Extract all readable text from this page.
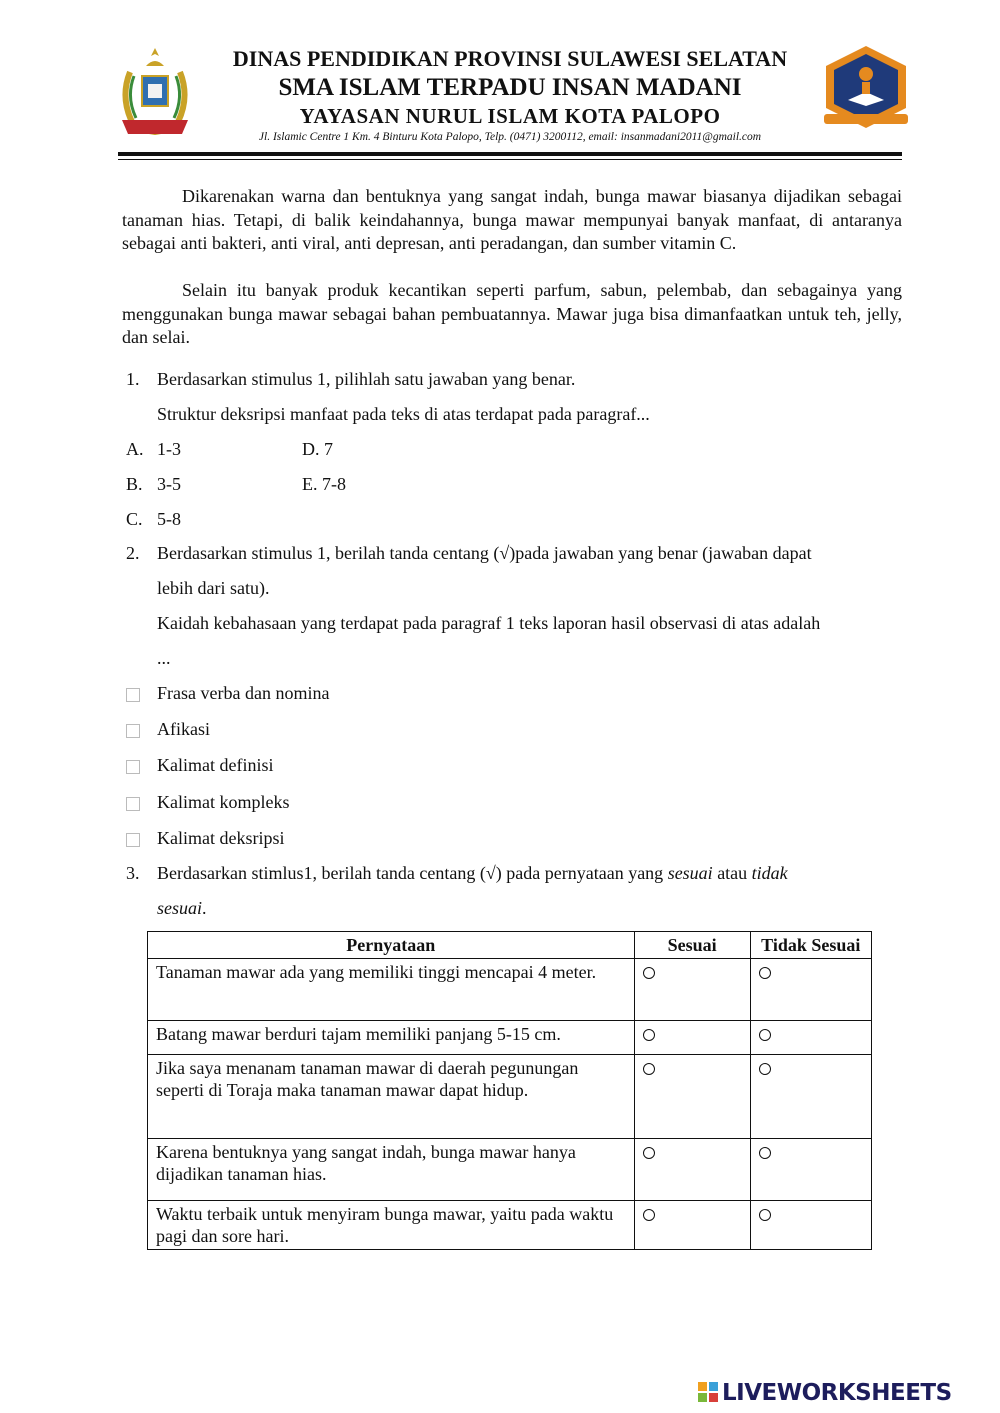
DINAS PENDIDIKAN PROVINSI SULAWESI SELATAN
SMA ISLAM TERPADU INSAN MADANI
YAYASAN NURUL ISLAM KOTA PALOPO
Jl. Islamic Centre 1 Km. 4 Binturu Kota Palopo, Telp. (0471) 3200112, email: insanmadani2011@gmail.com

Dikarenakan warna dan bentuknya yang sangat indah, bunga mawar biasanya dijadikan sebagai tanaman hias. Tetapi, di balik keindahannya, bunga mawar mempunyai banyak manfaat, di antaranya sebagai anti bakteri, anti viral, anti depresan, anti peradangan, dan sumber vitamin C.

Selain itu banyak produk kecantikan seperti parfum, sabun, pelembab, dan sebagainya yang menggunakan bunga mawar sebagai bahan pembuatannya. Mawar juga bisa dimanfaatkan untuk teh, jelly, dan selai.

1. Berdasarkan stimulus 1, pilihlah satu jawaban yang benar.
Struktur deksripsi manfaat pada teks di atas terdapat pada paragraf...
A. 1-3
B. 3-5
C. 5-8
D. 7
E. 7-8
2. Berdasarkan stimulus 1, berilah tanda centang (√)pada jawaban yang benar (jawaban dapat
lebih dari satu).
Kaidah kebahasaan yang terdapat pada paragraf 1 teks laporan hasil observasi di atas adalah
...
Frasa verba dan nomina
Afikasi
Kalimat definisi
Kalimat kompleks
Kalimat deksripsi
3. Berdasarkan stimlus1, berilah tanda centang (√) pada pernyataan yang sesuai atau tidak
sesuai.
Pernyataan	Sesuai	Tidak Sesuai
Tanaman mawar ada yang memiliki tinggi mencapai 4 meter.		
Batang mawar berduri tajam memiliki panjang 5-15 cm.		
Jika saya menanam tanaman mawar di daerah pegunungan seperti di Toraja maka tanaman mawar dapat hidup.		
Karena bentuknya yang sangat indah, bunga mawar hanya dijadikan tanaman hias.		
Waktu terbaik untuk menyiram bunga mawar, yaitu pada waktu pagi dan sore hari.		
LIVEWORKSHEETS
